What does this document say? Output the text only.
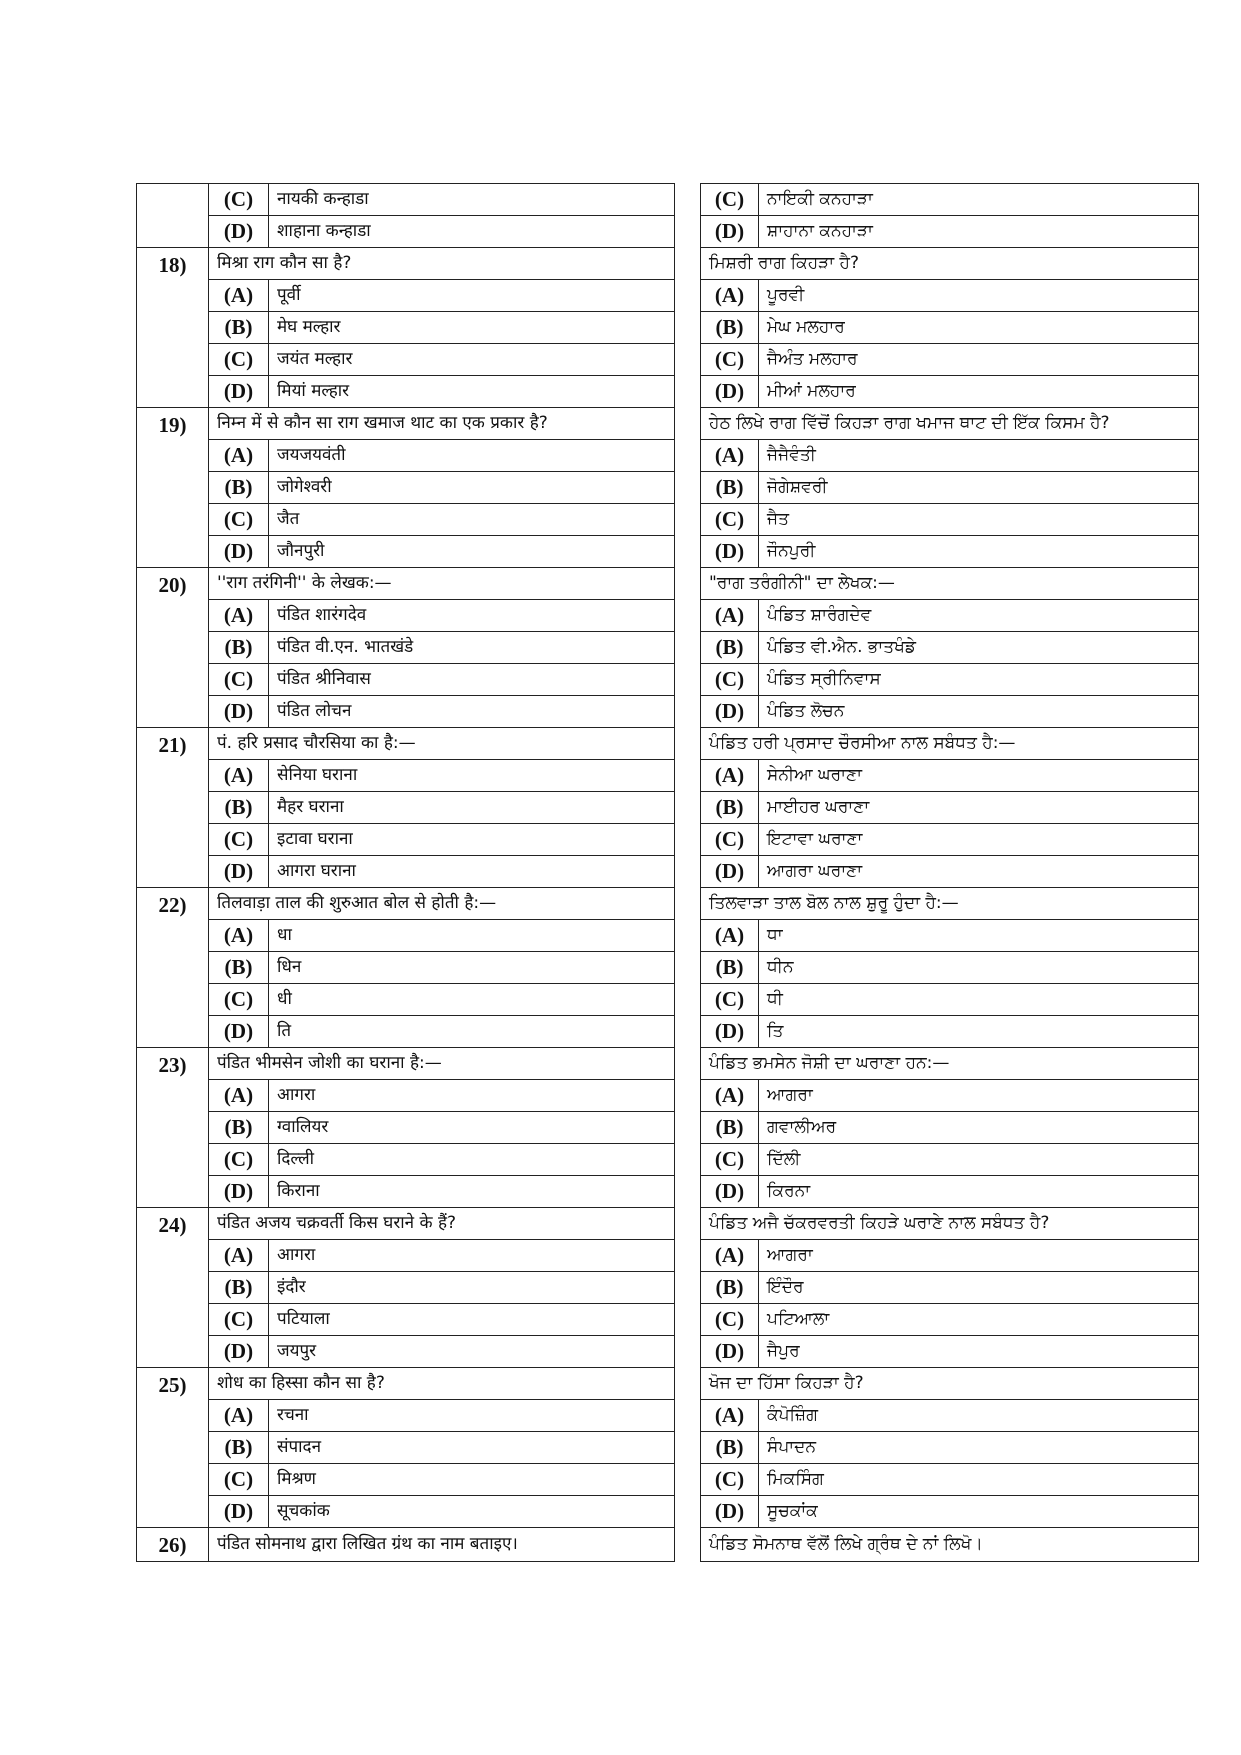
	(C)	नायकी कन्हाडा		(C)	ਨਾਇਕੀ ਕਨਹਾੜਾ
	(D)	शाहाना कन्हाडा		(D)	ਸ਼ਾਹਾਨਾ ਕਨਹਾੜਾ
18)	मिश्रा राग कौन सा है?			ਮਿਸ਼ਰੀ ਰਾਗ ਕਿਹੜਾ ਹੈ?	
	(A)	पूर्वी		(A)	ਪੂਰਵੀ
	(B)	मेघ मल्हार		(B)	ਮੇਘ ਮਲਹਾਰ
	(C)	जयंत मल्हार		(C)	ਜੈਅੰਤ ਮਲਹਾਰ
	(D)	मियां मल्हार		(D)	ਮੀਆਂ ਮਲਹਾਰ
19)	निम्न में से कौन सा राग खमाज थाट का एक प्रकार है?			ਹੇਠ ਲਿਖੇ ਰਾਗ ਵਿੱਚੋਂ ਕਿਹੜਾ ਰਾਗ ਖਮਾਜ ਥਾਟ ਦੀ ਇੱਕ ਕਿਸਮ ਹੈ?	
	(A)	जयजयवंती		(A)	ਜੈਜੈਵੰਤੀ
	(B)	जोगेश्वरी		(B)	ਜੋਗੇਸ਼ਵਰੀ
	(C)	जैत		(C)	ਜੈਤ
	(D)	जौनपुरी		(D)	ਜੌਨਪੁਰੀ
20)	''राग तरंगिनी'' के लेखक:—			"ਰਾਗ ਤਰੰਗੀਨੀ" ਦਾ ਲੇਖਕ:—	
	(A)	पंडित शारंगदेव		(A)	ਪੰਡਿਤ ਸ਼ਾਰੰਗਦੇਵ
	(B)	पंडित वी.एन. भातखंडे		(B)	ਪੰਡਿਤ ਵੀ.ਐਨ. ਭਾਤਖੰਡੇ
	(C)	पंडित श्रीनिवास		(C)	ਪੰਡਿਤ ਸ੍ਰੀਨਿਵਾਸ
	(D)	पंडित लोचन		(D)	ਪੰਡਿਤ ਲੋਚਨ
21)	पं. हरि प्रसाद चौरसिया का है:—			ਪੰਡਿਤ ਹਰੀ ਪ੍ਰਸਾਦ ਚੌਰਸੀਆ ਨਾਲ ਸਬੰਧਤ ਹੈ:—	
	(A)	सेनिया घराना		(A)	ਸੇਨੀਆ ਘਰਾਣਾ
	(B)	मैहर घराना		(B)	ਮਾਈਹਰ ਘਰਾਣਾ
	(C)	इटावा घराना		(C)	ਇਟਾਵਾ ਘਰਾਣਾ
	(D)	आगरा घराना		(D)	ਆਗਰਾ ਘਰਾਣਾ
22)	तिलवाड़ा ताल की शुरुआत बोल से होती है:—			ਤਿਲਵਾੜਾ ਤਾਲ ਬੋਲ ਨਾਲ ਸ਼ੁਰੂ ਹੁੰਦਾ ਹੈ:—	
	(A)	धा		(A)	ਧਾ
	(B)	धिन		(B)	ਧੀਨ
	(C)	धी		(C)	ਧੀ
	(D)	ति		(D)	ਤਿ
23)	पंडित भीमसेन जोशी का घराना है:—			ਪੰਡਿਤ ਭਮਸੇਨ ਜੋਸ਼ੀ ਦਾ ਘਰਾਣਾ ਹਨ:—	
	(A)	आगरा		(A)	ਆਗਰਾ
	(B)	ग्वालियर		(B)	ਗਵਾਲੀਅਰ
	(C)	दिल्ली		(C)	ਦਿੱਲੀ
	(D)	किराना		(D)	ਕਿਰਨਾ
24)	पंडित अजय चक्रवर्ती किस घराने के हैं?			ਪੰਡਿਤ ਅਜੈ ਚੱਕਰਵਰਤੀ ਕਿਹੜੇ ਘਰਾਣੇ ਨਾਲ ਸਬੰਧਤ ਹੈ?	
	(A)	आगरा		(A)	ਆਗਰਾ
	(B)	इंदौर		(B)	ਇੰਦੌਰ
	(C)	पटियाला		(C)	ਪਟਿਆਲਾ
	(D)	जयपुर		(D)	ਜੈਪੁਰ
25)	शोध का हिस्सा कौन सा है?			ਖੋਜ ਦਾ ਹਿੱਸਾ ਕਿਹੜਾ ਹੈ?	
	(A)	रचना		(A)	ਕੰਪੋਜ਼ਿੰਗ
	(B)	संपादन		(B)	ਸੰਪਾਦਨ
	(C)	मिश्रण		(C)	ਮਿਕਸਿੰਗ
	(D)	सूचकांक		(D)	ਸੂਚਕਾਂਕ
26)	पंडित सोमनाथ द्वारा लिखित ग्रंथ का नाम बताइए।			ਪੰਡਿਤ ਸੋਮਨਾਥ ਵੱਲੋਂ ਲਿਖੇ ਗ੍ਰੰਥ ਦੇ ਨਾਂ ਲਿਖੋ।	
